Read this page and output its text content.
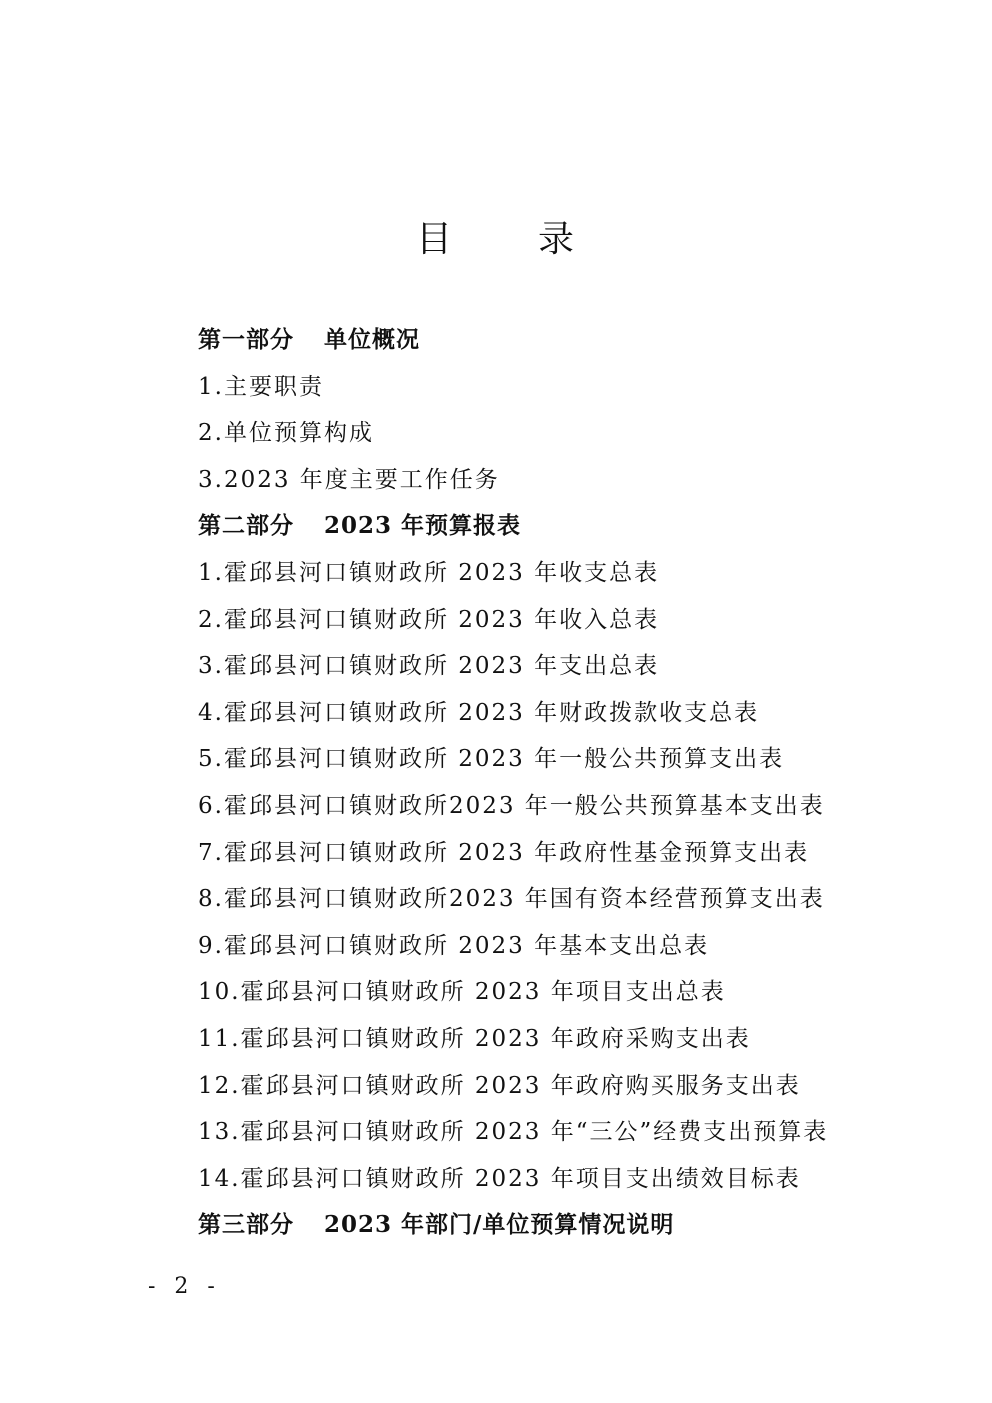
目 录
第一部分 单位概况
1.主要职责
2.单位预算构成
3.2023 年度主要工作任务
第二部分 2023 年预算报表
1.霍邱县河口镇财政所 2023 年收支总表
2.霍邱县河口镇财政所 2023 年收入总表
3.霍邱县河口镇财政所 2023 年支出总表
4.霍邱县河口镇财政所 2023 年财政拨款收支总表
5.霍邱县河口镇财政所 2023 年一般公共预算支出表
6.霍邱县河口镇财政所2023 年一般公共预算基本支出表
7.霍邱县河口镇财政所 2023 年政府性基金预算支出表
8.霍邱县河口镇财政所2023 年国有资本经营预算支出表
9.霍邱县河口镇财政所 2023 年基本支出总表
10.霍邱县河口镇财政所 2023 年项目支出总表
11.霍邱县河口镇财政所 2023 年政府采购支出表
12.霍邱县河口镇财政所 2023 年政府购买服务支出表
13.霍邱县河口镇财政所 2023 年“三公”经费支出预算表
14.霍邱县河口镇财政所 2023 年项目支出绩效目标表
第三部分 2023 年部门/单位预算情况说明
- 2 -
